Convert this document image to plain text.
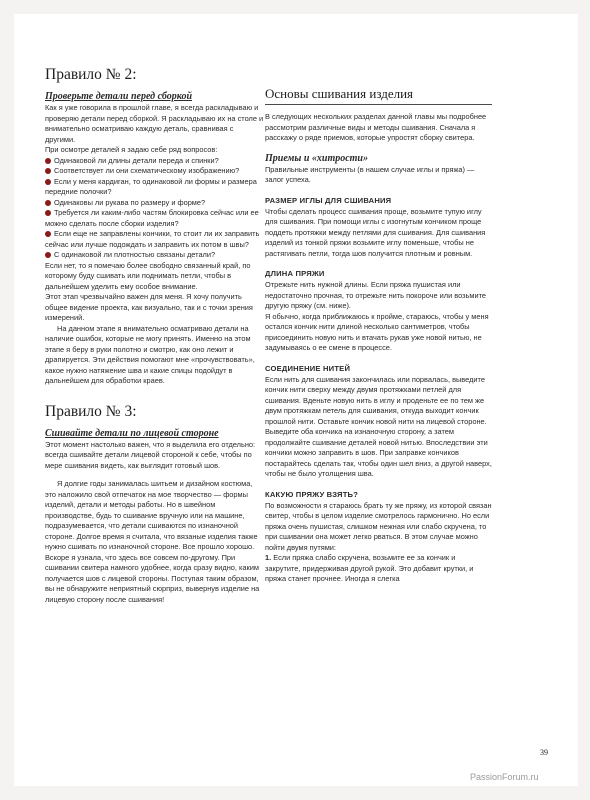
Правило № 2:
Проверьте детали перед сборкой

Как я уже говорила в прошлой главе, я всегда раскладываю и проверяю детали перед сборкой. Я раскладываю их на столе и внимательно осматриваю каждую деталь, сравнивая с другими.

При осмотре деталей я задаю себе ряд вопросов:

Одинаковой ли длины детали переда и спинки?
Соответствует ли они схематическому изображению?
Если у меня кардиган, то одинаковой ли формы и размера передние полочки?
Одинаковы ли рукава по размеру и форме?
Требуется ли каким-либо частям блокировка сейчас или ее можно сделать после сборки изделия?
Если еще не заправлены кончики, то стоит ли их заправить сейчас или лучше подождать и заправить их потом в швы?
С одинаковой ли плотностью связаны детали?

Если нет, то я помечаю более свободно связанный край, по которому буду сшивать или поднимать петли, чтобы в дальнейшем уделить ему особое внимание.

Этот этап чрезвычайно важен для меня. Я хочу получить общее видение проекта, как визуально, так и с точки зрения измерений.

На данном этапе я внимательно осматриваю детали на наличие ошибок, которые не могу принять. Именно на этом этапе я беру в руки полотно и смотрю, как оно лежит и драпируется. Эти действия помогают мне «прочувствовать», какое нужно натяжение шва и какие спицы подойдут в дальнейшем для обработки краев.

Правило № 3:
Сшивайте детали по лицевой стороне

Этот момент настолько важен, что я выделила его отдельно: всегда сшивайте детали лицевой стороной к себе, чтобы по мере сшивания видеть, как выглядит готовый шов.

Я долгие годы занималась шитьем и дизайном костюма, это наложило свой отпечаток на мое творчество — формы изделий, детали и методы работы. Но в швейном производстве, будь то сшивание вручную или на машине, подразумевается, что детали сшиваются по изнаночной стороне. Долгое время я считала, что вязаные изделия также нужно сшивать по изнаночной стороне. Все прошло хорошо. Вскоре я узнала, что здесь все совсем по-другому. При сшивании свитера намного удобнее, когда сразу видно, каким получается шов с лицевой стороны. Поступая таким образом, вы не обнаружите неприятный сюрприз, вывернув изделие на лицевую сторону после сшивания!

Основы сшивания изделия

В следующих нескольких разделах данной главы мы подробнее рассмотрим различные виды и методы сшивания. Сначала я расскажу о ряде приемов, которые упростят сборку свитера.

Приемы и «хитрости»

Правильные инструменты (в нашем случае иглы и пряжа) — залог успеха.

РАЗМЕР ИГЛЫ ДЛЯ СШИВАНИЯ

Чтобы сделать процесс сшивания проще, возьмите тупую иглу для сшивания. При помощи иглы с изогнутым кончиком проще поддеть протяжки между петлями для сшивания. Для сшивания изделий из тонкой пряжи возьмите иглу поменьше, чтобы не растягивать петли, тогда шов получится плотным и ровным.

ДЛИНА ПРЯЖИ

Отрежьте нить нужной длины. Если пряжа пушистая или недостаточно прочная, то отрежьте нить покороче или возьмите другую пряжу (см. ниже).

Я обычно, когда приближаюсь к пройме, стараюсь, чтобы у меня остался кончик нити длиной несколько сантиметров, чтобы присоединить новую нить и втачать рукав уже новой нитью, не задумываясь о ее смене в процессе.

СОЕДИНЕНИЕ НИТЕЙ

Если нить для сшивания закончилась или порвалась, выведите кончик нити сверху между двумя протяжками петлей для сшивания. Вденьте новую нить в иглу и проденьте ее по тем же двум протяжкам петель для сшивания, откуда выходит кончик прошлой нити. Оставьте кончик новой нити на лицевой стороне.

Выведите оба кончика на изнаночную сторону, а затем продолжайте сшивание деталей новой нитью. Впоследствии эти кончики можно заправить в шов. При заправке кончиков постарайтесь сделать так, чтобы один шел вниз, а другой наверх, чтобы не было утолщения шва.

КАКУЮ ПРЯЖУ ВЗЯТЬ?

По возможности я стараюсь брать ту же пряжу, из которой связан свитер, чтобы в целом изделие смотрелось гармонично. Но если пряжа очень пушистая, слишком нежная или слабо скручена, то при сшивании она может легко рваться. В этом случае можно пойти двумя путями:

1. Если пряжа слабо скручена, возьмите ее за кончик и закрутите, придерживая другой рукой. Это добавит крутки, и пряжа станет прочнее. Иногда я слегка

39
PassionForum.ru
